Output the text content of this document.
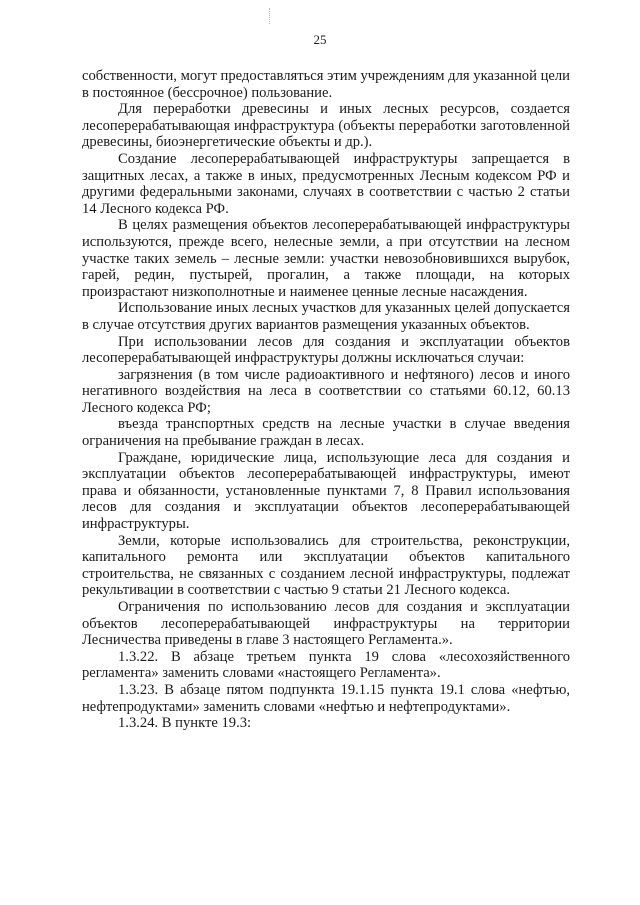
25

собственности, могут предоставляться этим учреждениям для указанной цели в постоянное (бессрочное) пользование.

Для переработки древесины и иных лесных ресурсов, создается лесоперерабатывающая инфраструктура (объекты переработки заготовленной древесины, биоэнергетические объекты и др.).

Создание лесоперерабатывающей инфраструктуры запрещается в защитных лесах, а также в иных, предусмотренных Лесным кодексом РФ и другими федеральными законами, случаях в соответствии с частью 2 статьи 14 Лесного кодекса РФ.

В целях размещения объектов лесоперерабатывающей инфраструктуры используются, прежде всего, нелесные земли, а при отсутствии на лесном участке таких земель – лесные земли: участки невозобновившихся вырубок, гарей, редин, пустырей, прогалин, а также площади, на которых произрастают низкополнотные и наименее ценные лесные насаждения.

Использование иных лесных участков для указанных целей допускается в случае отсутствия других вариантов размещения указанных объектов.

При использовании лесов для создания и эксплуатации объектов лесоперерабатывающей инфраструктуры должны исключаться случаи:

загрязнения (в том числе радиоактивного и нефтяного) лесов и иного негативного воздействия на леса в соответствии со статьями 60.12, 60.13 Лесного кодекса РФ;

въезда транспортных средств на лесные участки в случае введения ограничения на пребывание граждан в лесах.

Граждане, юридические лица, использующие леса для создания и эксплуатации объектов лесоперерабатывающей инфраструктуры, имеют права и обязанности, установленные пунктами 7, 8 Правил использования лесов для создания и эксплуатации объектов лесоперерабатывающей инфраструктуры.

Земли, которые использовались для строительства, реконструкции, капитального ремонта или эксплуатации объектов капитального строительства, не связанных с созданием лесной инфраструктуры, подлежат рекультивации в соответствии с частью 9 статьи 21 Лесного кодекса.

Ограничения по использованию лесов для создания и эксплуатации объектов лесоперерабатывающей инфраструктуры на территории Лесничества приведены в главе 3 настоящего Регламента.».

1.3.22. В абзаце третьем пункта 19 слова «лесохозяйственного регламента» заменить словами «настоящего Регламента».

1.3.23. В абзаце пятом подпункта 19.1.15 пункта 19.1 слова «нефтью, нефтепродуктами» заменить словами «нефтью и нефтепродуктами».

1.3.24. В пункте 19.3:
